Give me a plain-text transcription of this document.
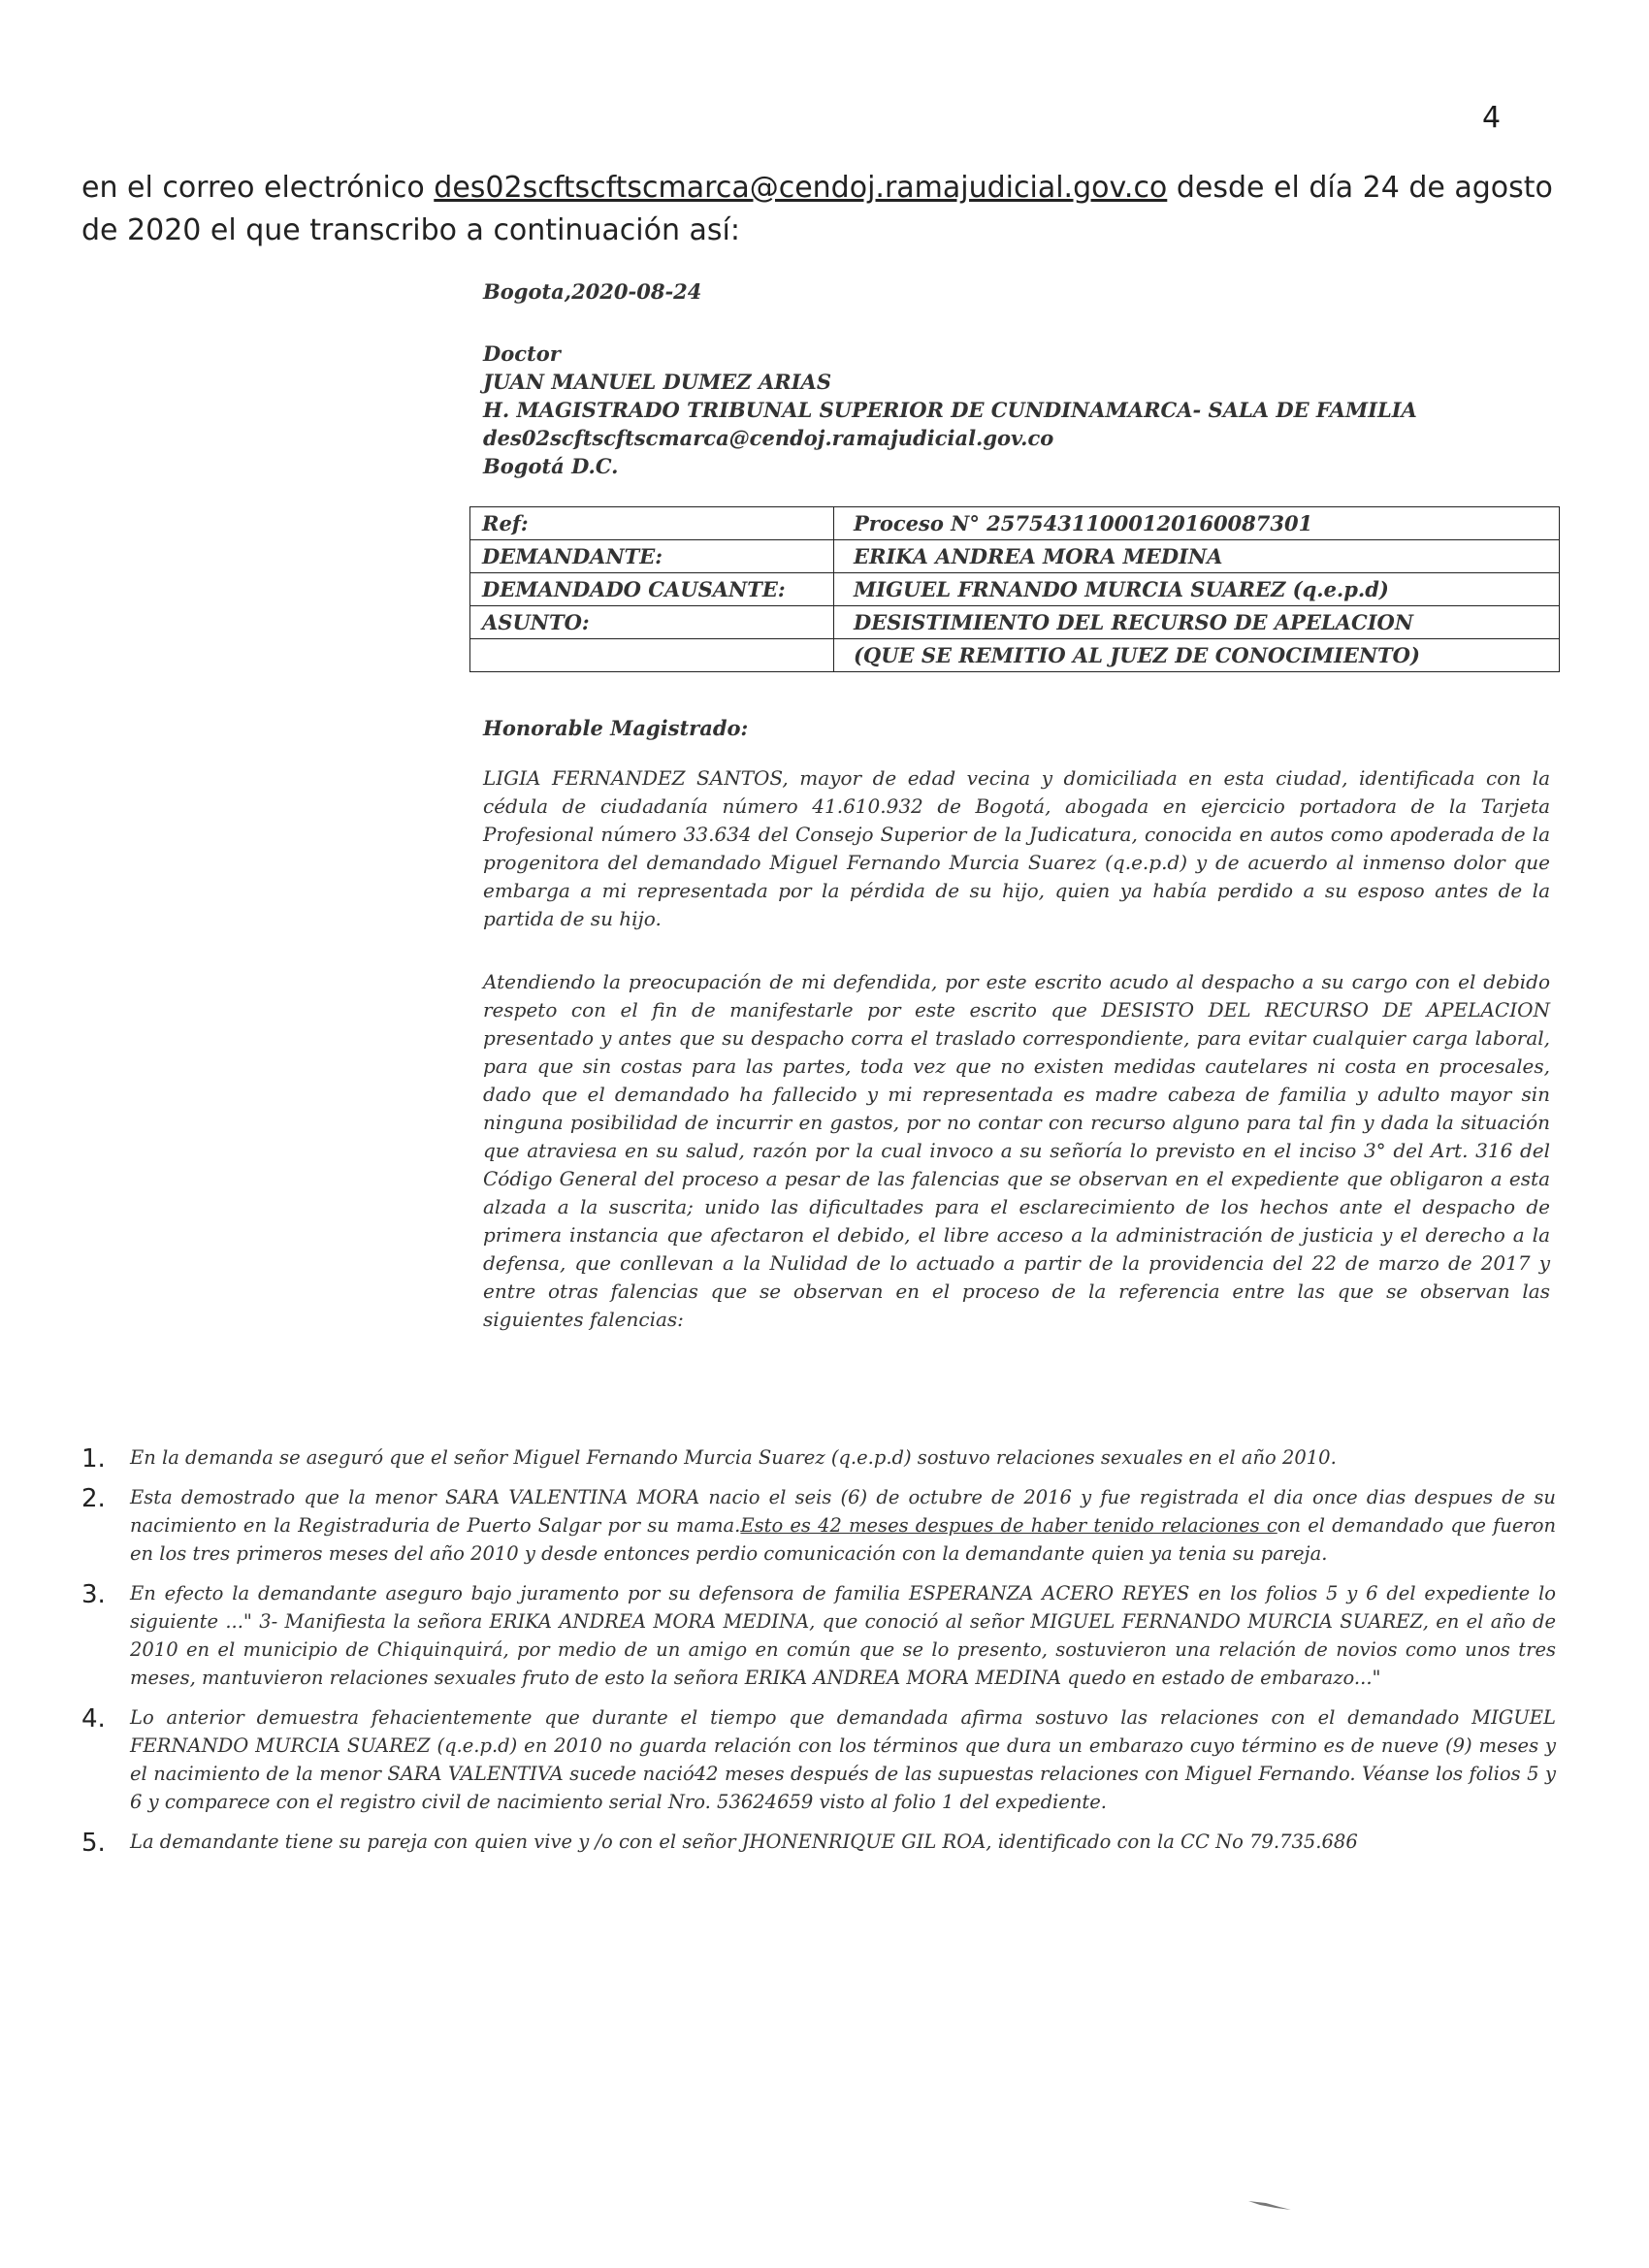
4
en el correo electrónico des02scftscftscmarca@cendoj.ramajudicial.gov.co desde el día 24 de agosto de 2020 el que transcribo a continuación así:
Bogota,2020-08-24
Doctor
JUAN MANUEL DUMEZ ARIAS
H. MAGISTRADO TRIBUNAL SUPERIOR DE CUNDINAMARCA- SALA DE FAMILIA
des02scftscftscmarca@cendoj.ramajudicial.gov.co
Bogotá D.C.
Ref:	Proceso N° 25754311000120160087301
DEMANDANTE:	ERIKA ANDREA MORA MEDINA
DEMANDADO CAUSANTE:	MIGUEL FRNANDO MURCIA SUAREZ (q.e.p.d)
ASUNTO:	DESISTIMIENTO DEL RECURSO DE APELACION
	(QUE SE REMITIO AL JUEZ DE CONOCIMIENTO)
Honorable Magistrado:
LIGIA FERNANDEZ SANTOS, mayor de edad vecina y domiciliada en esta ciudad, identificada con la cédula de ciudadanía número 41.610.932 de Bogotá, abogada en ejercicio portadora de la Tarjeta Profesional número 33.634 del Consejo Superior de la Judicatura, conocida en autos como apoderada de la progenitora del demandado Miguel Fernando Murcia Suarez (q.e.p.d) y de acuerdo al inmenso dolor que embarga a mi representada por la pérdida de su hijo, quien ya había perdido a su esposo antes de la partida de su hijo.
Atendiendo la preocupación de mi defendida, por este escrito acudo al despacho a su cargo con el debido respeto con el fin de manifestarle por este escrito que DESISTO DEL RECURSO DE APELACION presentado y antes que su despacho corra el traslado correspondiente, para evitar cualquier carga laboral, para que sin costas para las partes, toda vez que no existen medidas cautelares ni costa en procesales, dado que el demandado ha fallecido y mi representada es madre cabeza de familia y adulto mayor sin ninguna posibilidad de incurrir en gastos, por no contar con recurso alguno para tal fin y dada la situación que atraviesa en su salud, razón por la cual invoco a su señoría lo previsto en el inciso 3° del Art. 316 del Código General del proceso a pesar de las falencias que se observan en el expediente que obligaron a esta alzada a la suscrita; unido las dificultades para el esclarecimiento de los hechos ante el despacho de primera instancia que afectaron el debido, el libre acceso a la administración de justicia y el derecho a la defensa, que conllevan a la Nulidad de lo actuado a partir de la providencia del 22 de marzo de 2017 y entre otras falencias que se observan en el proceso de la referencia entre las que se observan las siguientes falencias:
1. En la demanda se aseguró que el señor Miguel Fernando Murcia Suarez (q.e.p.d) sostuvo relaciones sexuales en el año 2010.
2. Esta demostrado que la menor SARA VALENTINA MORA nacio el seis (6) de octubre de 2016 y fue registrada el dia once dias despues de su nacimiento en la Registraduria de Puerto Salgar por su mama.Esto es 42 meses despues de haber tenido relaciones con el demandado que fueron en los tres primeros meses del año 2010 y desde entonces perdio comunicación con la demandante quien ya tenia su pareja.
3. En efecto la demandante aseguro bajo juramento por su defensora de familia ESPERANZA ACERO REYES en los folios 5 y 6 del expediente lo siguiente ..." 3- Manifiesta la señora ERIKA ANDREA MORA MEDINA, que conoció al señor MIGUEL FERNANDO MURCIA SUAREZ, en el año de 2010 en el municipio de Chiquinquirá, por medio de un amigo en común que se lo presento, sostuvieron una relación de novios como unos tres meses, mantuvieron relaciones sexuales fruto de esto la señora ERIKA ANDREA MORA MEDINA quedo en estado de embarazo..."
4. Lo anterior demuestra fehacientemente que durante el tiempo que demandada afirma sostuvo las relaciones con el demandado MIGUEL FERNANDO MURCIA SUAREZ (q.e.p.d) en 2010 no guarda relación con los términos que dura un embarazo cuyo término es de nueve (9) meses y el nacimiento de la menor SARA VALENTIVA sucede nació42 meses después de las supuestas relaciones con Miguel Fernando. Véanse los folios 5 y 6 y comparece con el registro civil de nacimiento serial Nro. 53624659 visto al folio 1 del expediente.
5. La demandante tiene su pareja con quien vive y /o con el señor JHONENRIQUE GIL ROA, identificado con la CC No 79.735.686
